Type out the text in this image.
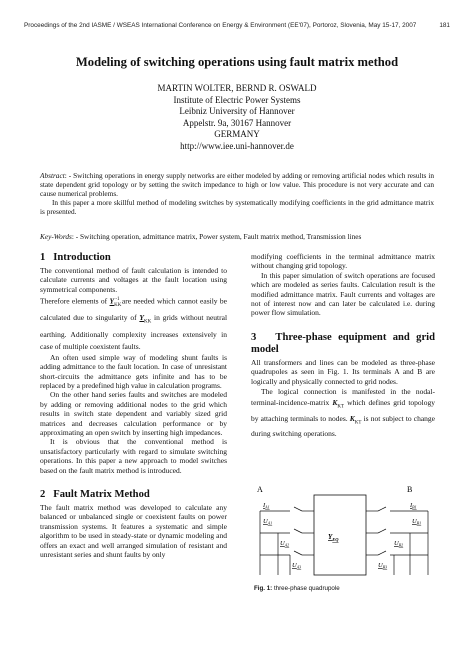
Proceedings of the 2nd IASME / WSEAS International Conference on Energy & Environment (EE'07), Portoroz, Slovenia, May 15-17, 2007	181
Modeling of switching operations using fault matrix method
MARTIN WOLTER, BERND R. OSWALD
Institute of Electric Power Systems
Leibniz University of Hannover
Appelstr. 9a, 30167 Hannover
GERMANY
http://www.iee.uni-hannover.de

Abstract: - Switching operations in energy supply networks are either modeled by adding or removing artificial nodes which results in state dependent grid topology or by setting the switch impedance to high or low value. This procedure is not very accurate and can cause numerical problems.

In this paper a more skillful method of modeling switches by systematically modifying coefficients in the grid admittance matrix is presented.

Key-Words: - Switching operation, admittance matrix, Power system, Fault matrix method, Transmission lines
1 Introduction

The conventional method of fault calculation is intended to calculate currents and voltages at the fault location using symmetrical components.

Therefore elements of $Y_{KK}^{-1}$ are needed which cannot easily be calculated due to singularity of $Y_{KK}$ in grids without neutral earthing. Additionally complexity increases extensively in case of multiple coexistent faults.

An often used simple way of modeling shunt faults is adding admittance to the fault location. In case of unresistant short-circuits the admittance gets infinite and has to be replaced by a predefined high value in calculation programs.

On the other hand series faults and switches are modeled by adding or removing additional nodes to the grid which results in switch state dependent and variably sized grid matrices and decreases calculation performance or by approximating an open switch by inserting high impedances.

It is obvious that the conventional method is unsatisfactory particularly with regard to simulate switching operations. In this paper a new approach to model switches based on the fault matrix method is introduced.

2 Fault Matrix Method

The fault matrix method was developed to calculate any balanced or unbalanced single or coexistent faults on power transmission systems. It features a systematic and simple algorithm to be used in steady-state or dynamic modeling and offers an exact and well arranged simulation of resistant and unresistant series and shunt faults by only

modifying coefficients in the terminal admittance matrix without changing grid topology.

In this paper simulation of switch operations are focused which are modeled as series faults. Calculation result is the modified admittance matrix. Fault currents and voltages are not of interest now and can later be calculated i.e. during power flow simulation.

3 Three-phase equipment and grid model

All transformers and lines can be modeled as three-phase quadrupoles as seen in Fig. 1. Its terminals A and B are logically and physically connected to grid nodes.

The logical connection is manifested in the nodal-terminal-incidence-matrix $K_{KT}$ which defines grid topology by attaching terminals to nodes. $K_{KT}$ is not subject to change during switching operations.

A	B
$Y_{EQ}$
$I_{A1}$
$U_{A1}$
$U_{A2}$
$U_{A3}$
$I_{B1}$
$U_{B1}$
$U_{B2}$
$U_{B3}$
Fig. 1: three-phase quadrupole
